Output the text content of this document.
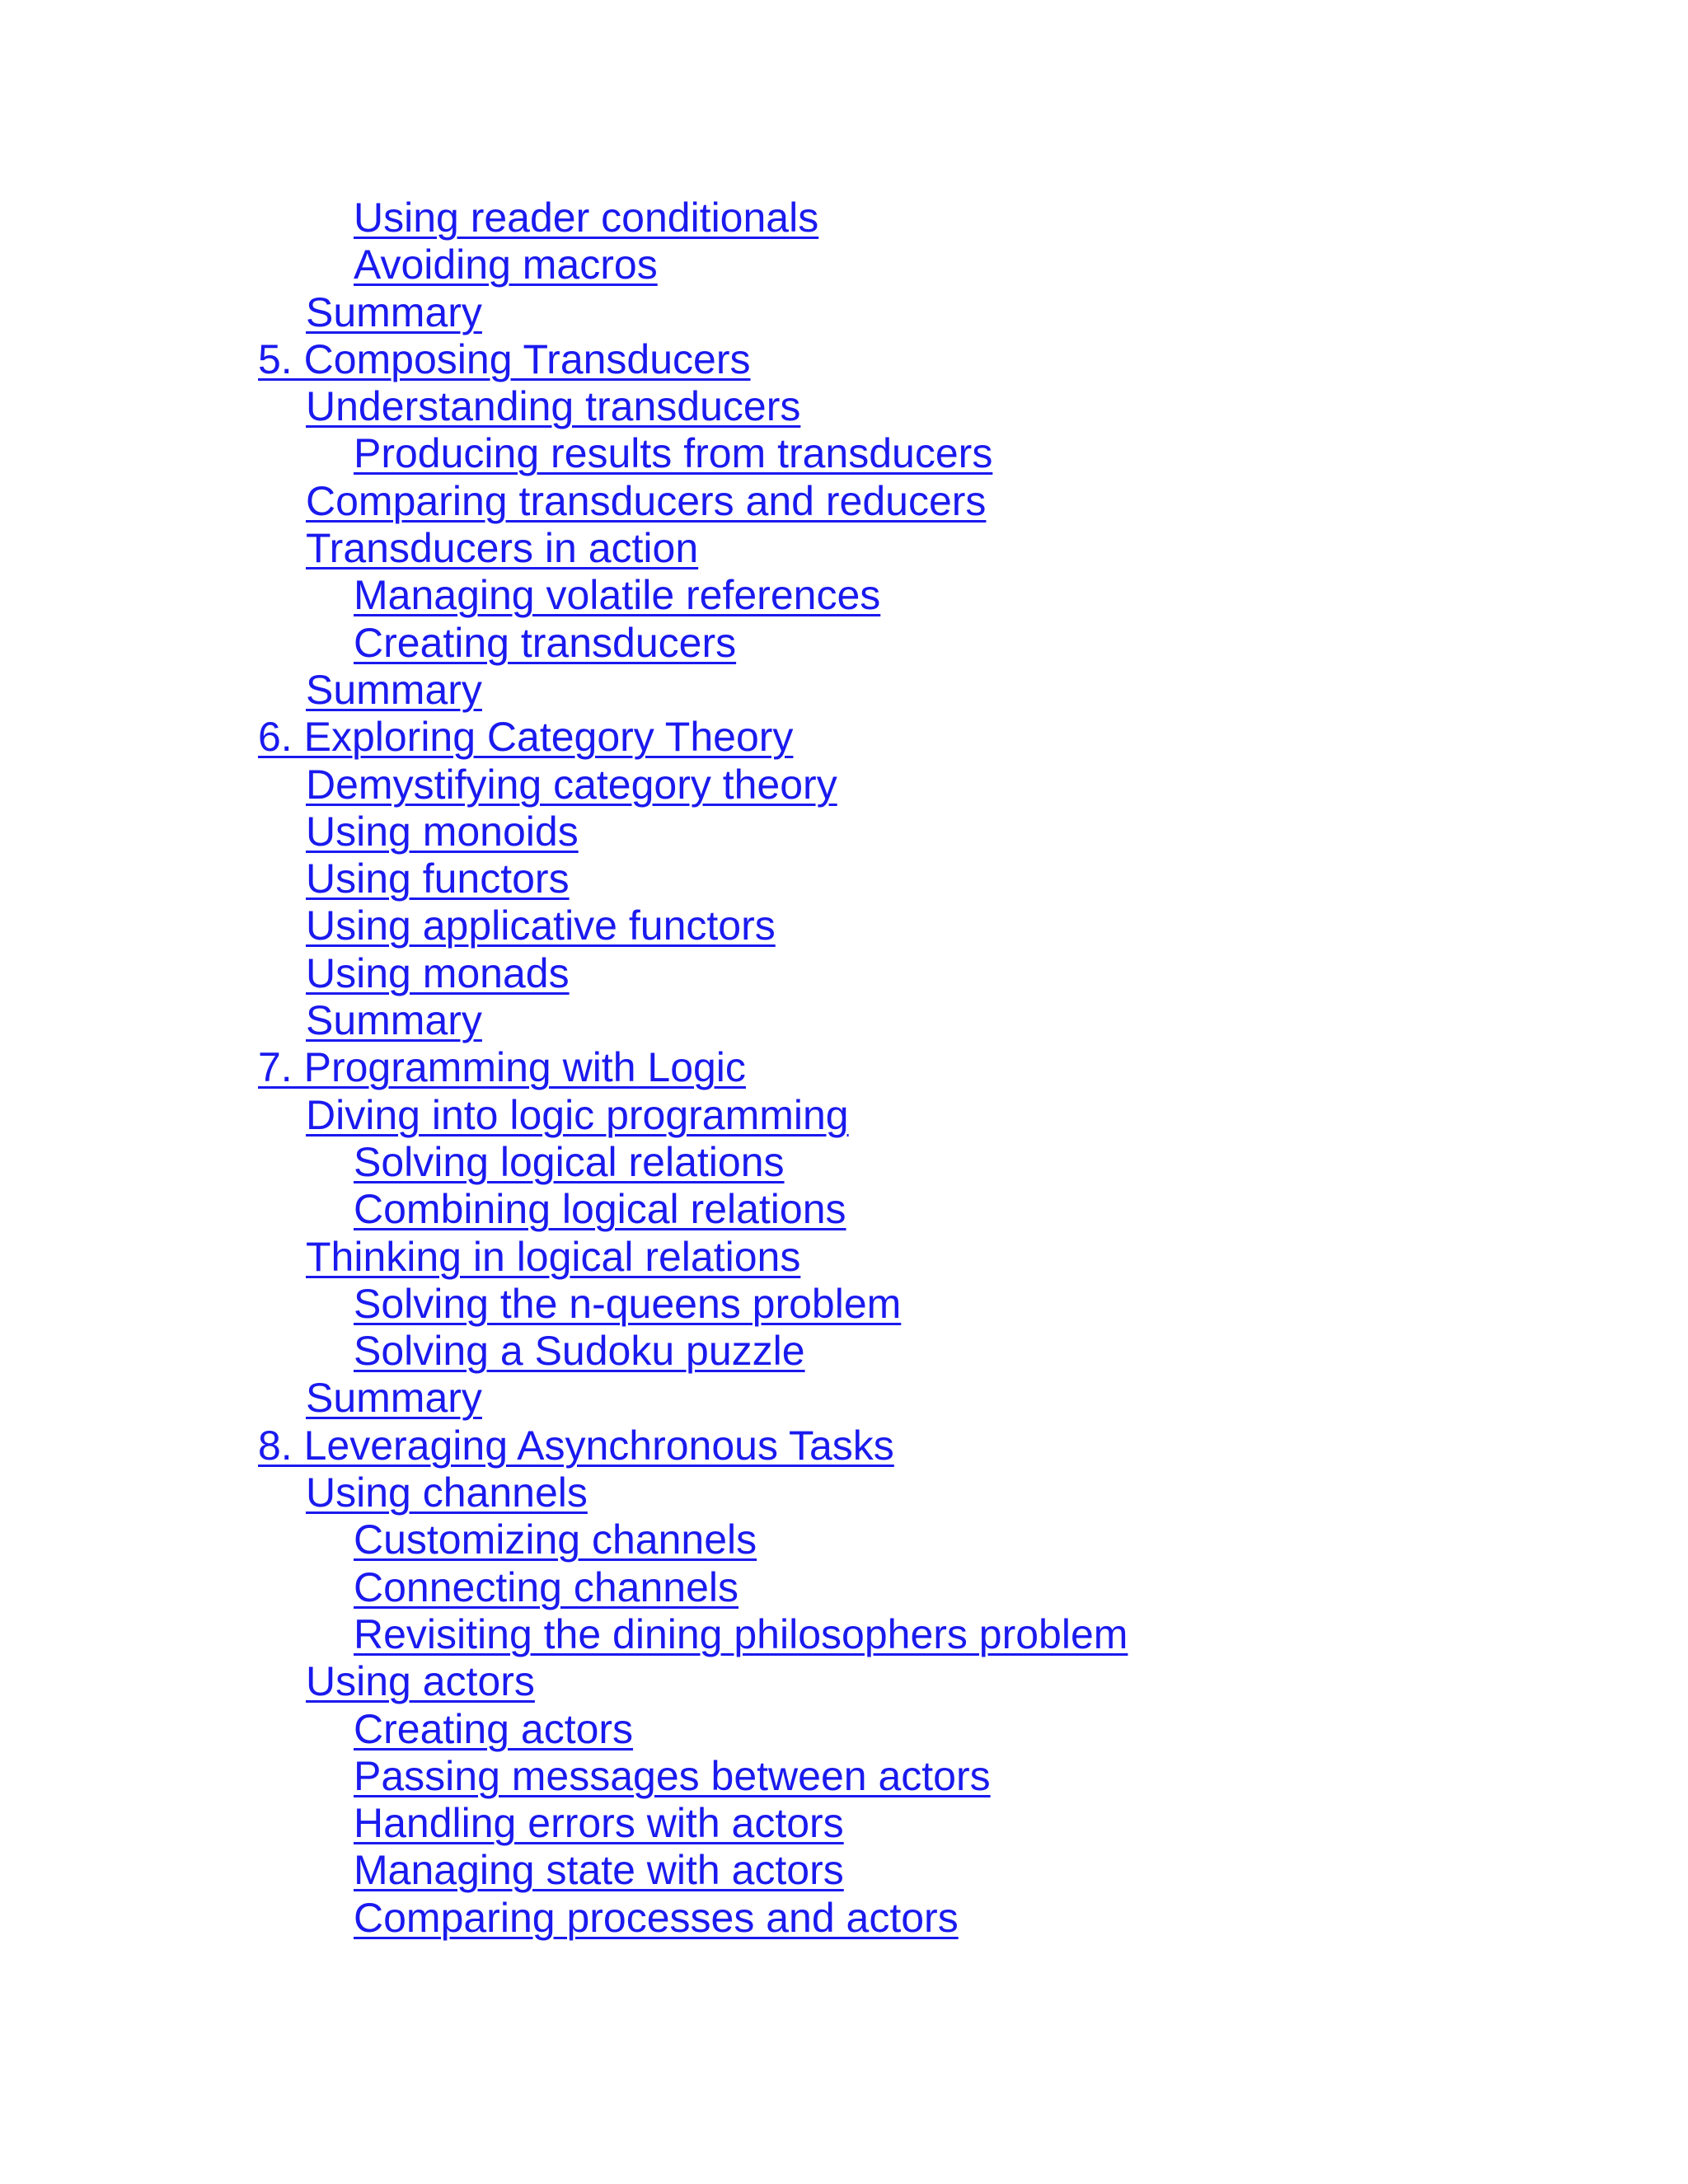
Using reader conditionals
Avoiding macros
Summary
5. Composing Transducers
Understanding transducers
Producing results from transducers
Comparing transducers and reducers
Transducers in action
Managing volatile references
Creating transducers
Summary
6. Exploring Category Theory
Demystifying category theory
Using monoids
Using functors
Using applicative functors
Using monads
Summary
7. Programming with Logic
Diving into logic programming
Solving logical relations
Combining logical relations
Thinking in logical relations
Solving the n-queens problem
Solving a Sudoku puzzle
Summary
8. Leveraging Asynchronous Tasks
Using channels
Customizing channels
Connecting channels
Revisiting the dining philosophers problem
Using actors
Creating actors
Passing messages between actors
Handling errors with actors
Managing state with actors
Comparing processes and actors
